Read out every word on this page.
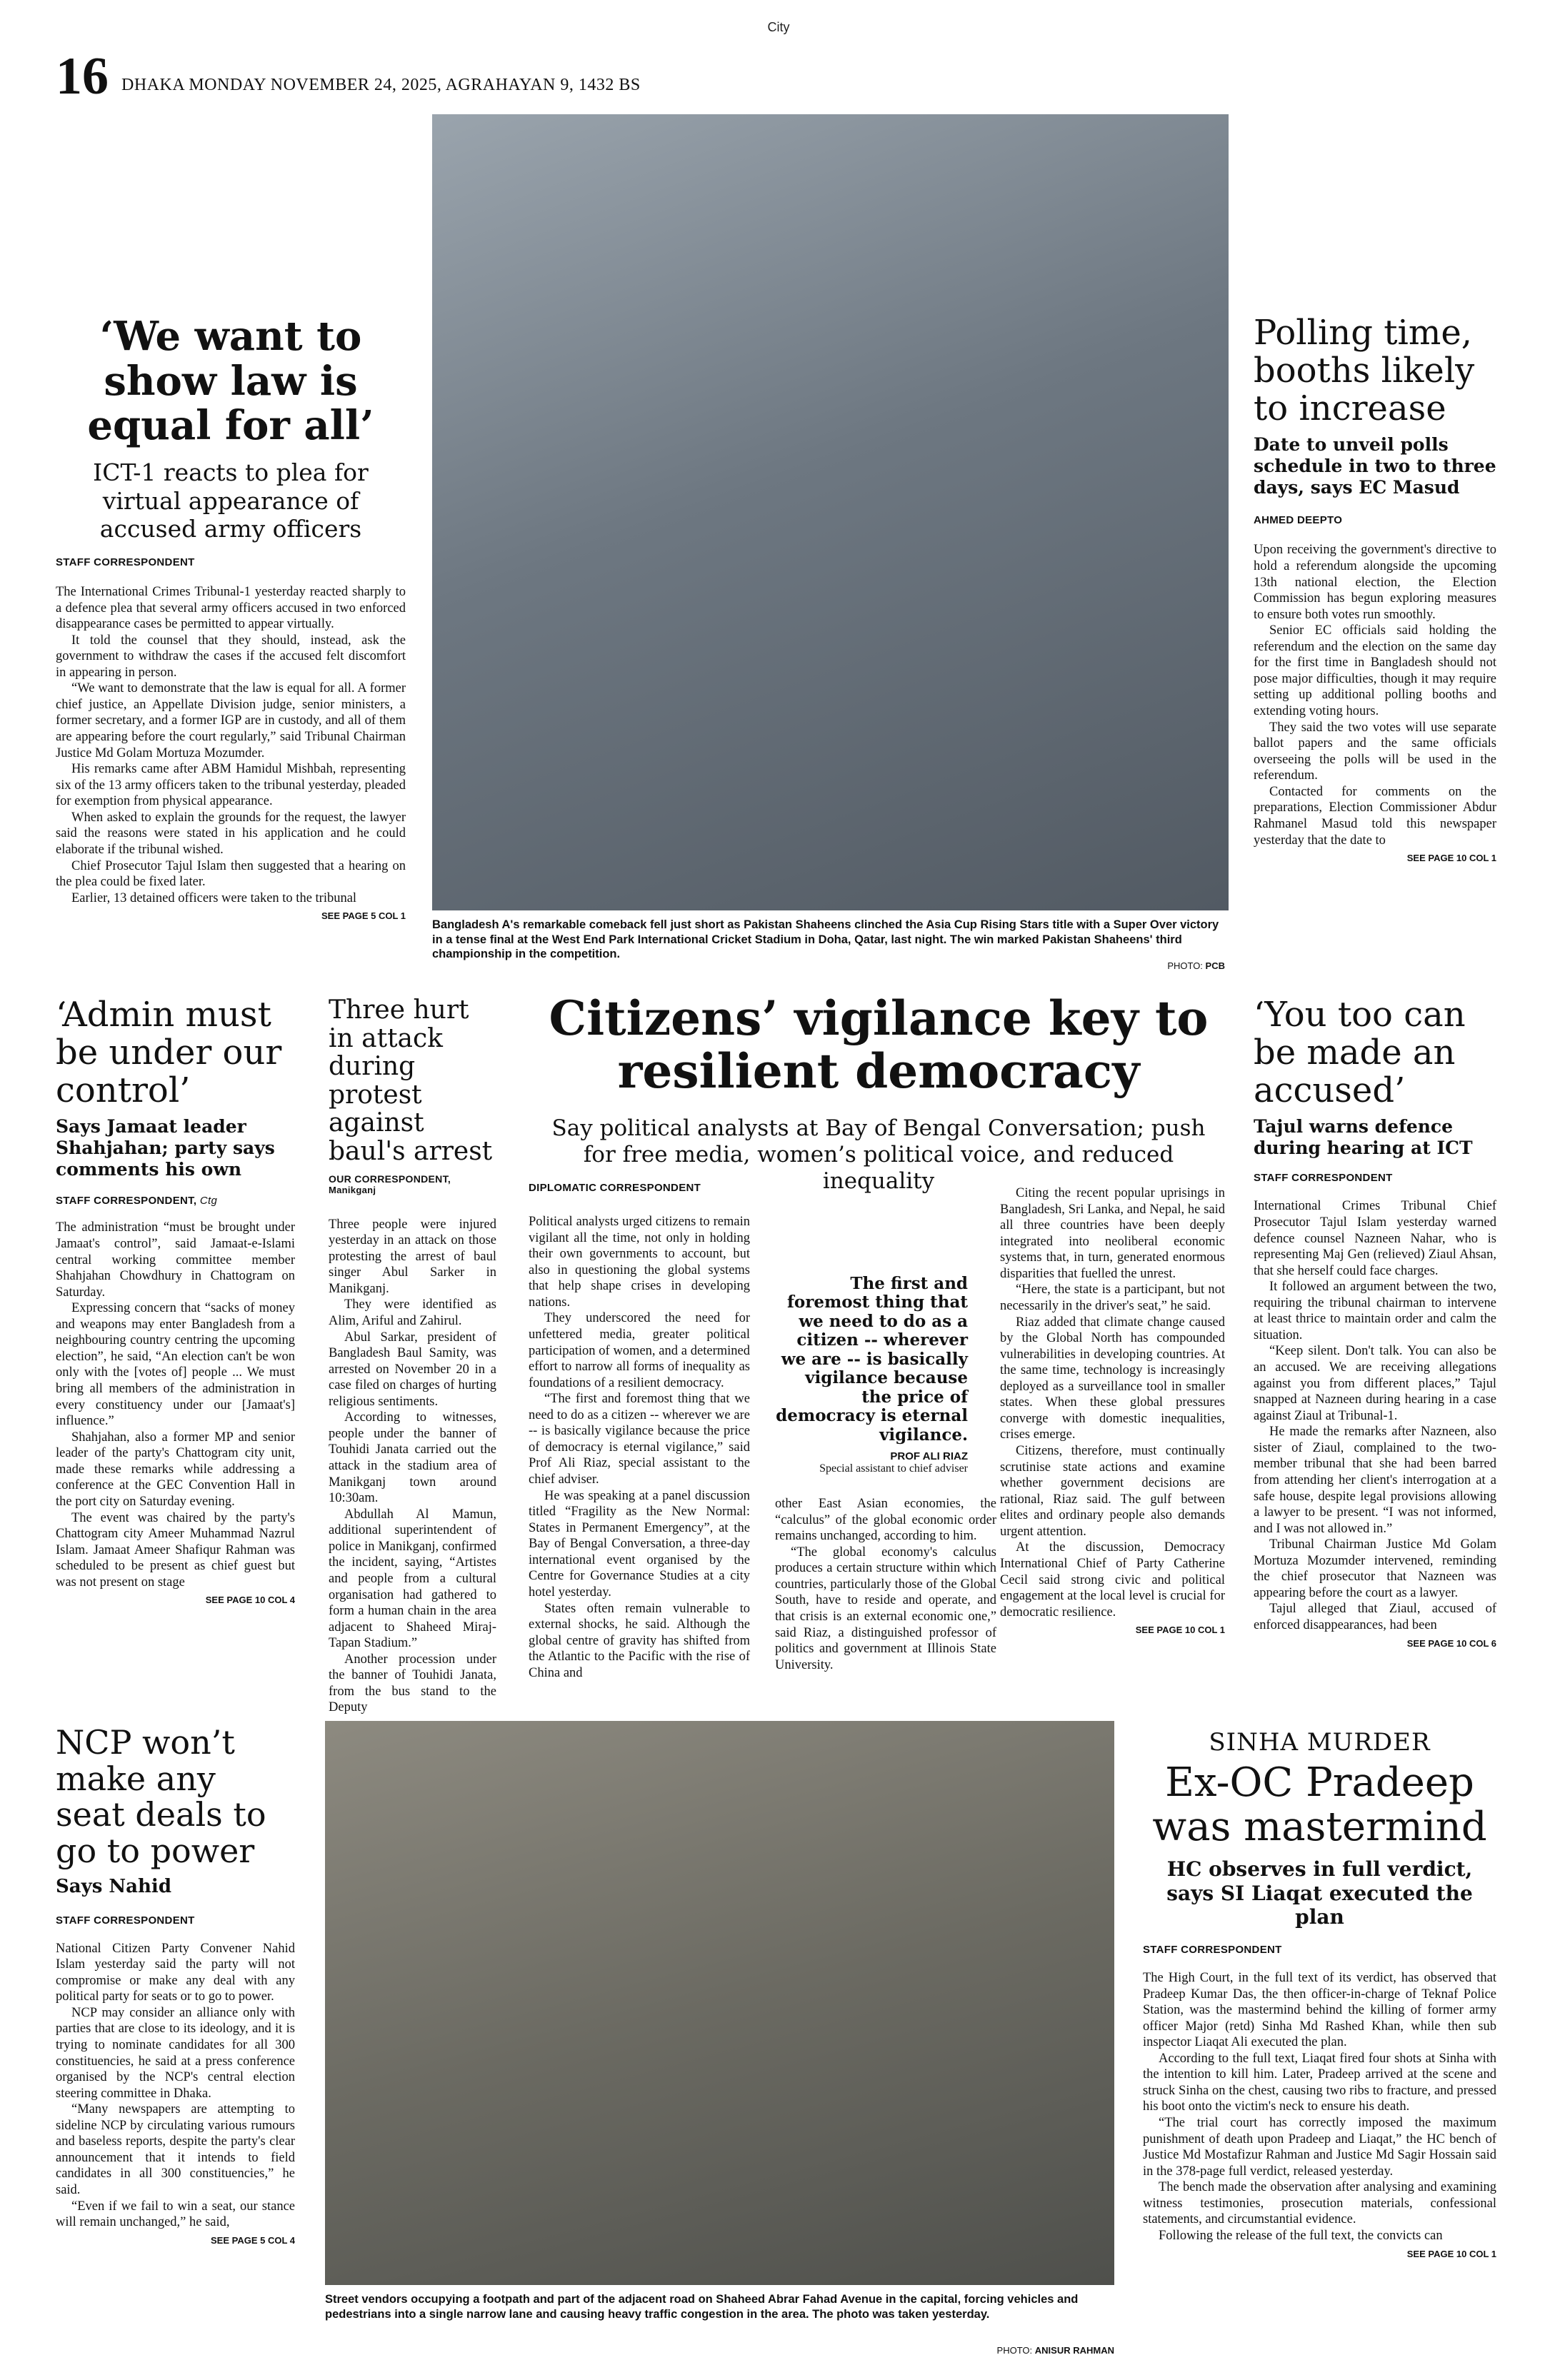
City
16 DHAKA MONDAY NOVEMBER 24, 2025, AGRAHAYAN 9, 1432 BS
‘We want to show law is equal for all’
ICT-1 reacts to plea for virtual appearance of accused army officers
STAFF CORRESPONDENT

The International Crimes Tribunal-1 yesterday reacted sharply to a defence plea that several army officers accused in two enforced disappearance cases be permitted to appear virtually.

It told the counsel that they should, instead, ask the government to withdraw the cases if the accused felt discomfort in appearing in person.

“We want to demonstrate that the law is equal for all. A former chief justice, an Appellate Division judge, senior ministers, a former secretary, and a former IGP are in custody, and all of them are appearing before the court regularly,” said Tribunal Chairman Justice Md Golam Mortuza Mozumder.

His remarks came after ABM Hamidul Mishbah, representing six of the 13 army officers taken to the tribunal yesterday, pleaded for exemption from physical appearance.

When asked to explain the grounds for the request, the lawyer said the reasons were stated in his application and he could elaborate if the tribunal wished.

Chief Prosecutor Tajul Islam then suggested that a hearing on the plea could be fixed later.

Earlier, 13 detained officers were taken to the tribunal

SEE PAGE 5 COL 1
Bangladesh A's remarkable comeback fell just short as Pakistan Shaheens clinched the Asia Cup Rising Stars title with a Super Over victory in a tense final at the West End Park International Cricket Stadium in Doha, Qatar, last night. The win marked Pakistan Shaheens' third championship in the competition.
PHOTO: PCB
Polling time, booths likely to increase
Date to unveil polls schedule in two to three days, says EC Masud
AHMED DEEPTO

Upon receiving the government's directive to hold a referendum alongside the upcoming 13th national election, the Election Commission has begun exploring measures to ensure both votes run smoothly.

Senior EC officials said holding the referendum and the election on the same day for the first time in Bangladesh should not pose major difficulties, though it may require setting up additional polling booths and extending voting hours.

They said the two votes will use separate ballot papers and the same officials overseeing the polls will be used in the referendum.

Contacted for comments on the preparations, Election Commissioner Abdur Rahmanel Masud told this newspaper yesterday that the date to

SEE PAGE 10 COL 1
‘Admin must be under our control’
Says Jamaat leader Shahjahan; party says comments his own
STAFF CORRESPONDENT, Ctg

The administration “must be brought under Jamaat's control”, said Jamaat-e-Islami central working committee member Shahjahan Chowdhury in Chattogram on Saturday.

Expressing concern that “sacks of money and weapons may enter Bangladesh from a neighbouring country centring the upcoming election”, he said, “An election can't be won only with the [votes of] people ... We must bring all members of the administration in every constituency under our [Jamaat's] influence.”

Shahjahan, also a former MP and senior leader of the party's Chattogram city unit, made these remarks while addressing a conference at the GEC Convention Hall in the port city on Saturday evening.

The event was chaired by the party's Chattogram city Ameer Muhammad Nazrul Islam. Jamaat Ameer Shafiqur Rahman was scheduled to be present as chief guest but was not present on stage

SEE PAGE 10 COL 4
Three hurt in attack during protest against baul's arrest
OUR CORRESPONDENT,
Manikganj

Three people were injured yesterday in an attack on those protesting the arrest of baul singer Abul Sarker in Manikganj.

They were identified as Alim, Ariful and Zahirul.

Abul Sarkar, president of Bangladesh Baul Samity, was arrested on November 20 in a case filed on charges of hurting religious sentiments.

According to witnesses, people under the banner of Touhidi Janata carried out the attack in the stadium area of Manikganj town around 10:30am.

Abdullah Al Mamun, additional superintendent of police in Manikganj, confirmed the incident, saying, “Artistes and people from a cultural organisation had gathered to form a human chain in the area adjacent to Shaheed Miraj-Tapan Stadium.”

Another procession under the banner of Touhidi Janata, from the bus stand to the Deputy

Citizens’ vigilance key to resilient democracy
Say political analysts at Bay of Bengal Conversation; push for free media, women’s political voice, and reduced inequality
DIPLOMATIC CORRESPONDENT

Political analysts urged citizens to remain vigilant all the time, not only in holding their own governments to account, but also in questioning the global systems that help shape crises in developing nations.

They underscored the need for unfettered media, greater political participation of women, and a determined effort to narrow all forms of inequality as foundations of a resilient democracy.

“The first and foremost thing that we need to do as a citizen -- wherever we are -- is basically vigilance because the price of democracy is eternal vigilance,” said Prof Ali Riaz, special assistant to the chief adviser.

He was speaking at a panel discussion titled “Fragility as the New Normal: States in Permanent Emergency”, at the Bay of Bengal Conversation, a three-day international event organised by the Centre for Governance Studies at a city hotel yesterday.

States often remain vulnerable to external shocks, he said. Although the global centre of gravity has shifted from the Atlantic to the Pacific with the rise of China and

The first and foremost thing that we need to do as a citizen -- wherever we are -- is basically vigilance because the price of democracy is eternal vigilance.
PROF ALI RIAZ
Special assistant to chief adviser

other East Asian economies, the “calculus” of the global economic order remains unchanged, according to him.

“The global economy's calculus produces a certain structure within which countries, particularly those of the Global South, have to reside and operate, and that crisis is an external economic one,” said Riaz, a distinguished professor of politics and government at Illinois State University.

Citing the recent popular uprisings in Bangladesh, Sri Lanka, and Nepal, he said all three countries have been deeply integrated into neoliberal economic systems that, in turn, generated enormous disparities that fuelled the unrest.

“Here, the state is a participant, but not necessarily in the driver's seat,” he said.

Riaz added that climate change caused by the Global North has compounded vulnerabilities in developing countries. At the same time, technology is increasingly deployed as a surveillance tool in smaller states. When these global pressures converge with domestic inequalities, crises emerge.

Citizens, therefore, must continually scrutinise state actions and examine whether government decisions are rational, Riaz said. The gulf between elites and ordinary people also demands urgent attention.

At the discussion, Democracy International Chief of Party Catherine Cecil said strong civic and political engagement at the local level is crucial for democratic resilience.

SEE PAGE 10 COL 1
‘You too can be made an accused’
Tajul warns defence during hearing at ICT
STAFF CORRESPONDENT

International Crimes Tribunal Chief Prosecutor Tajul Islam yesterday warned defence counsel Nazneen Nahar, who is representing Maj Gen (relieved) Ziaul Ahsan, that she herself could face charges.

It followed an argument between the two, requiring the tribunal chairman to intervene at least thrice to maintain order and calm the situation.

“Keep silent. Don't talk. You can also be an accused. We are receiving allegations against you from different places,” Tajul snapped at Nazneen during hearing in a case against Ziaul at Tribunal-1.

He made the remarks after Nazneen, also sister of Ziaul, complained to the two-member tribunal that she had been barred from attending her client's interrogation at a safe house, despite legal provisions allowing a lawyer to be present. “I was not informed, and I was not allowed in.”

Tribunal Chairman Justice Md Golam Mortuza Mozumder intervened, reminding the chief prosecutor that Nazneen was appearing before the court as a lawyer.

Tajul alleged that Ziaul, accused of enforced disappearances, had been

SEE PAGE 10 COL 6
NCP won’t make any seat deals to go to power
Says Nahid
STAFF CORRESPONDENT

National Citizen Party Convener Nahid Islam yesterday said the party will not compromise or make any deal with any political party for seats or to go to power.

NCP may consider an alliance only with parties that are close to its ideology, and it is trying to nominate candidates for all 300 constituencies, he said at a press conference organised by the NCP's central election steering committee in Dhaka.

“Many newspapers are attempting to sideline NCP by circulating various rumours and baseless reports, despite the party's clear announcement that it intends to field candidates in all 300 constituencies,” he said.

“Even if we fail to win a seat, our stance will remain unchanged,” he said,

SEE PAGE 5 COL 4
Street vendors occupying a footpath and part of the adjacent road on Shaheed Abrar Fahad Avenue in the capital, forcing vehicles and pedestrians into a single narrow lane and causing heavy traffic congestion in the area. The photo was taken yesterday.
PHOTO: ANISUR RAHMAN
SINHA MURDER
Ex-OC Pradeep was mastermind
HC observes in full verdict, says SI Liaqat executed the plan
STAFF CORRESPONDENT

The High Court, in the full text of its verdict, has observed that Pradeep Kumar Das, the then officer-in-charge of Teknaf Police Station, was the mastermind behind the killing of former army officer Major (retd) Sinha Md Rashed Khan, while then sub inspector Liaqat Ali executed the plan.

According to the full text, Liaqat fired four shots at Sinha with the intention to kill him. Later, Pradeep arrived at the scene and struck Sinha on the chest, causing two ribs to fracture, and pressed his boot onto the victim's neck to ensure his death.

“The trial court has correctly imposed the maximum punishment of death upon Pradeep and Liaqat,” the HC bench of Justice Md Mostafizur Rahman and Justice Md Sagir Hossain said in the 378-page full verdict, released yesterday.

The bench made the observation after analysing and examining witness testimonies, prosecution materials, confessional statements, and circumstantial evidence.

Following the release of the full text, the convicts can

SEE PAGE 10 COL 1
